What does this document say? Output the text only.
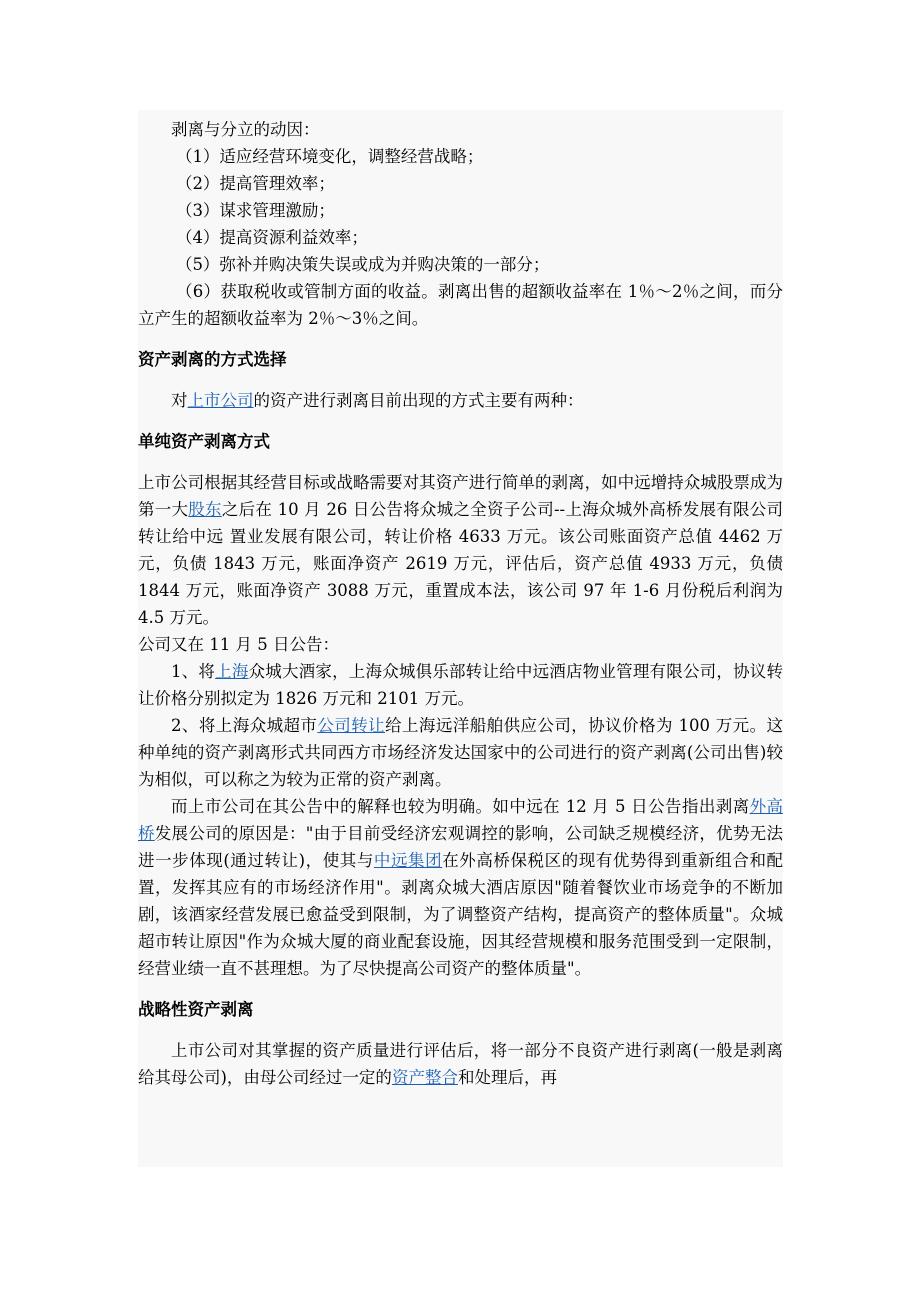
剥离与分立的动因：

（1）适应经营环境变化，调整经营战略；

（2）提高管理效率；

（3）谋求管理激励；

（4）提高资源利益效率；

（5）弥补并购决策失误或成为并购决策的一部分；

（6）获取税收或管制方面的收益。剥离出售的超额收益率在 1％～2％之间，而分立产生的超额收益率为 2％～3％之间。

资产剥离的方式选择

对上市公司的资产进行剥离目前出现的方式主要有两种：

单纯资产剥离方式

上市公司根据其经营目标或战略需要对其资产进行简单的剥离，如中远增持众城股票成为第一大股东之后在 10 月 26 日公告将众城之全资子公司--上海众城外高桥发展有限公司转让给中远 置业发展有限公司，转让价格 4633 万元。该公司账面资产总值 4462 万元，负债 1843 万元，账面净资产 2619 万元，评估后，资产总值 4933 万元，负债 1844 万元，账面净资产 3088 万元，重置成本法，该公司 97 年 1-6 月份税后利润为 4.5 万元。

公司又在 11 月 5 日公告：

1、将上海众城大酒家，上海众城俱乐部转让给中远酒店物业管理有限公司，协议转让价格分别拟定为 1826 万元和 2101 万元。

2、将上海众城超市公司转让给上海远洋船舶供应公司，协议价格为 100 万元。这种单纯的资产剥离形式共同西方市场经济发达国家中的公司进行的资产剥离(公司出售)较为相似，可以称之为较为正常的资产剥离。

而上市公司在其公告中的解释也较为明确。如中远在 12 月 5 日公告指出剥离外高桥发展公司的原因是："由于目前受经济宏观调控的影响，公司缺乏规模经济，优势无法进一步体现(通过转让)，使其与中远集团在外高桥保税区的现有优势得到重新组合和配置，发挥其应有的市场经济作用"。剥离众城大酒店原因"随着餐饮业市场竞争的不断加剧，该酒家经营发展已愈益受到限制，为了调整资产结构，提高资产的整体质量"。众城超市转让原因"作为众城大厦的商业配套设施，因其经营规模和服务范围受到一定限制，经营业绩一直不甚理想。为了尽快提高公司资产的整体质量"。

战略性资产剥离

上市公司对其掌握的资产质量进行评估后，将一部分不良资产进行剥离(一般是剥离给其母公司)，由母公司经过一定的资产整合和处理后，再
